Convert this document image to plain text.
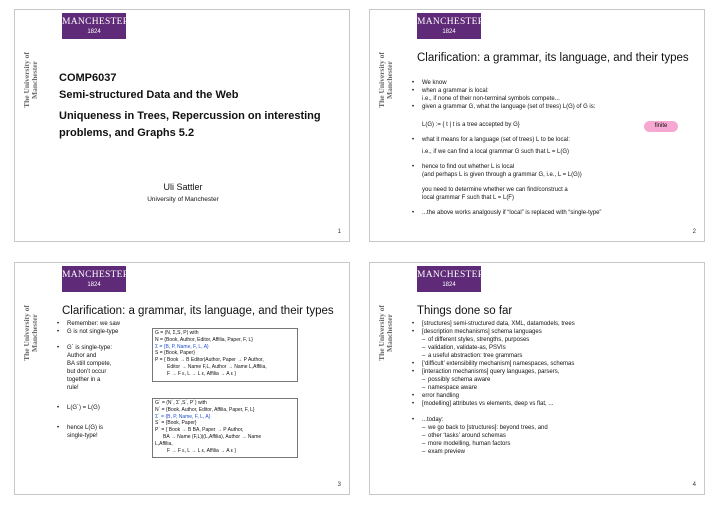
MANCHESTER
1824
The University of Manchester COMP6037
Semi-structured Data and the Web
Uniqueness in Trees, Repercussion on interesting problems, and Graphs 5.2
Uli Sattler
University of Manchester
1
MANCHESTER
1824
The University of Manchester
Clarification: a grammar, its language, and their types
• We know
• when a grammar is local:
i.e., if none of their non-terminal symbols compete...
• given a grammar G, what the language (set of trees) L(G) of G is:
L(G) := { t | t is a tree accepted by G}
• what it means for a language (set of trees) L to be local:
i.e., if we can find a local grammar G such that L = L(G)
• hence to find out whether L is local
(and perhaps L is given through a grammar G, i.e., L = L(G))
you need to determine whether we can find/construct a
local grammar F such that L = L(F)
• ...the above works analgously if “local” is replaced with “single-type”
finite
2
MANCHESTER
1824
The University of Manchester
Clarification: a grammar, its language, and their types
• Remember: we saw
• G is not single-type
• G´ is single-type:
Author and
BA still compete,
but don’t occur
together in a
rule!
• L(G´) = L(G)
• hence L(G) is
single-type!
G = (N, Σ,S, P) with
N = {Book, Author, Editor, Affilia, Paper, F, L}
Σ = {B, P, Name, F, L, A}
S = {Book, Paper}
P = { Book → B Editor|Author, Paper → P Author,
Editor → Name F,L, Author → Name L,Affilia,
F → F ε, L → L ε, Affilia → A ε }
G´ = (N´, Σ´,S´, P´) with
N´ = {Book, Author, Editor, Affilia, Paper, F, L}
Σ´ = {B, P, Name, F, L, A}
S´ = {Book, Paper}
P´ = { Book → B BA, Paper → P Author,
BA → Name (F,L)|(L,Affilia), Author → Name
L,Affilia,
F → F ε, L → L ε, Affilia → A ε }
3
MANCHESTER
1824
The University of Manchester
Things done so far
• [structures] semi-structured data, XML, datamodels, trees
• [description mechanisms] schema languages
– of different styles, strengths, purposes
– validation, validate-as, PSVIs
– a useful abstraction: tree grammars
• [‘difficult’ extensibility mechanism] namespaces, schemas
• [interaction mechanisms] query languages, parsers,
– possibly schema aware
– namespace aware
• error handling
• [modelling] attributes vs elements, deep vs flat, ...
• ...today:
– we go back to [structures]: beyond trees, and
– other ‘tasks’ around schemas
– more modelling, human factors
– exam preview
4
